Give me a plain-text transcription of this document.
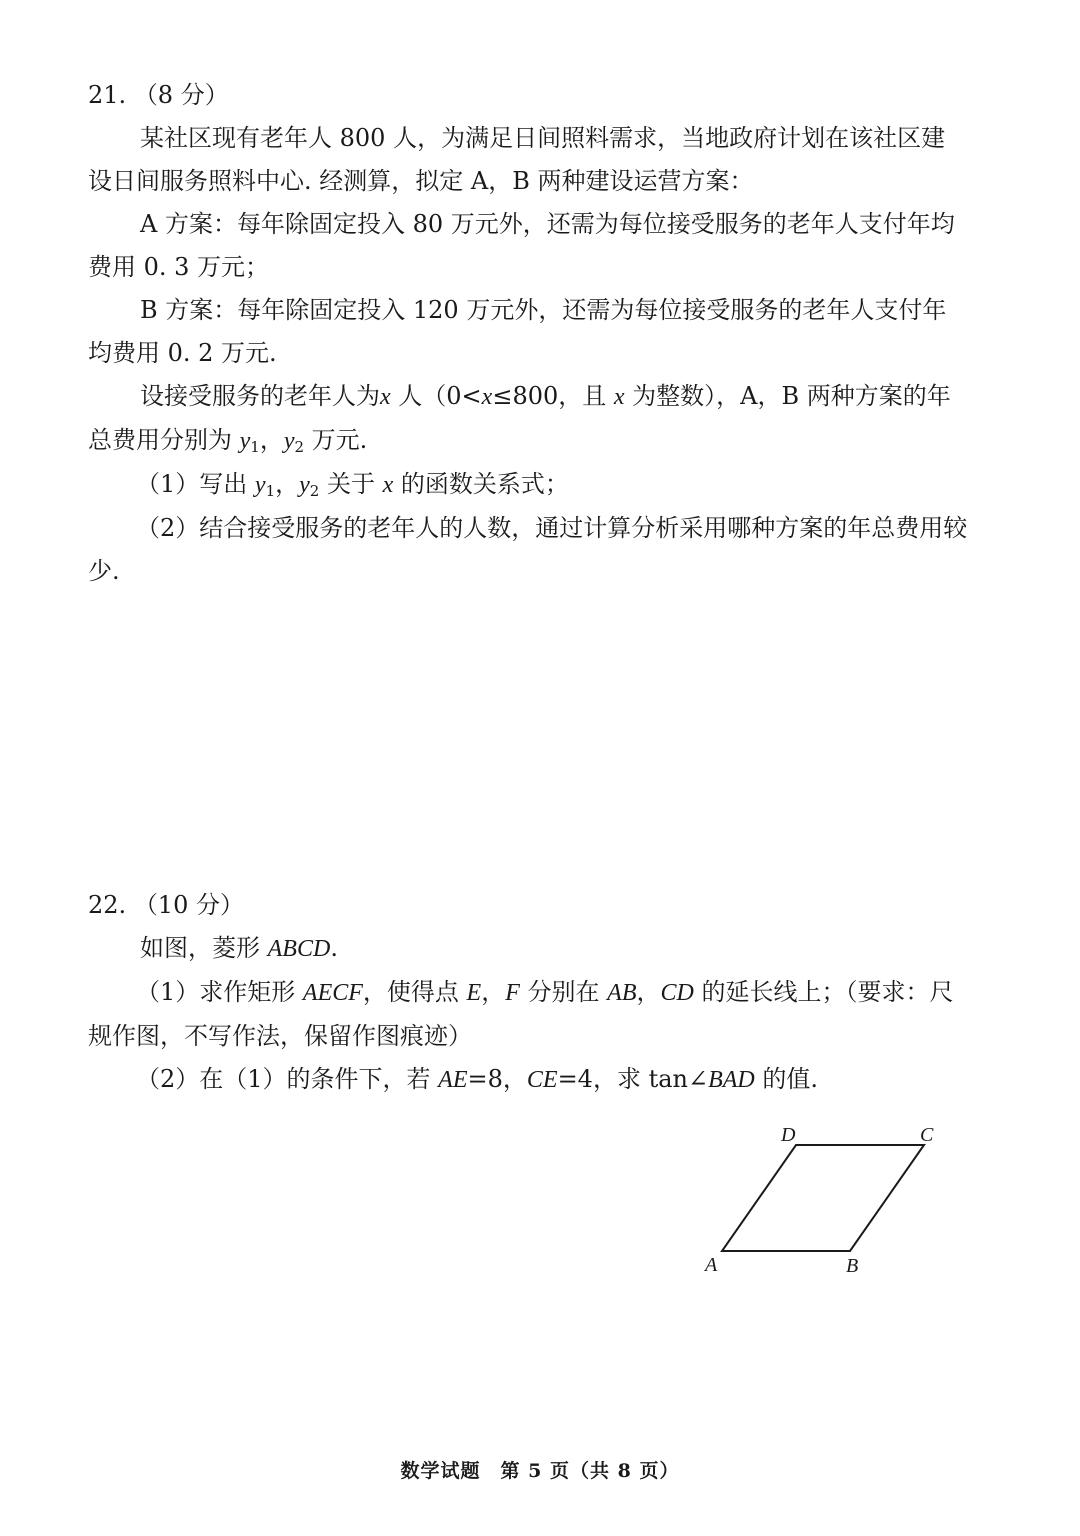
21. （8 分）

某社区现有老年人 800 人，为满足日间照料需求，当地政府计划在该社区建设日间服务照料中心. 经测算，拟定 A，B 两种建设运营方案：

A 方案：每年除固定投入 80 万元外，还需为每位接受服务的老年人支付年均费用 0. 3 万元；

B 方案：每年除固定投入 120 万元外，还需为每位接受服务的老年人支付年均费用 0. 2 万元.

设接受服务的老年人为x 人（0<x≤800，且 x 为整数），A，B 两种方案的年总费用分别为 $y_1$，$y_2$ 万元.

（1）写出 $y_1$，$y_2$ 关于 x 的函数关系式；

（2）结合接受服务的老年人的人数，通过计算分析采用哪种方案的年总费用较少.

22. （10 分）

如图，菱形 ABCD.

（1）求作矩形 AECF，使得点 E，F 分别在 AB，CD 的延长线上；（要求：尺规作图，不写作法，保留作图痕迹）

（2）在（1）的条件下，若 AE=8，CE=4，求 tan∠BAD 的值.

A	B
C
D
数学试题　第 5 页（共 8 页）
